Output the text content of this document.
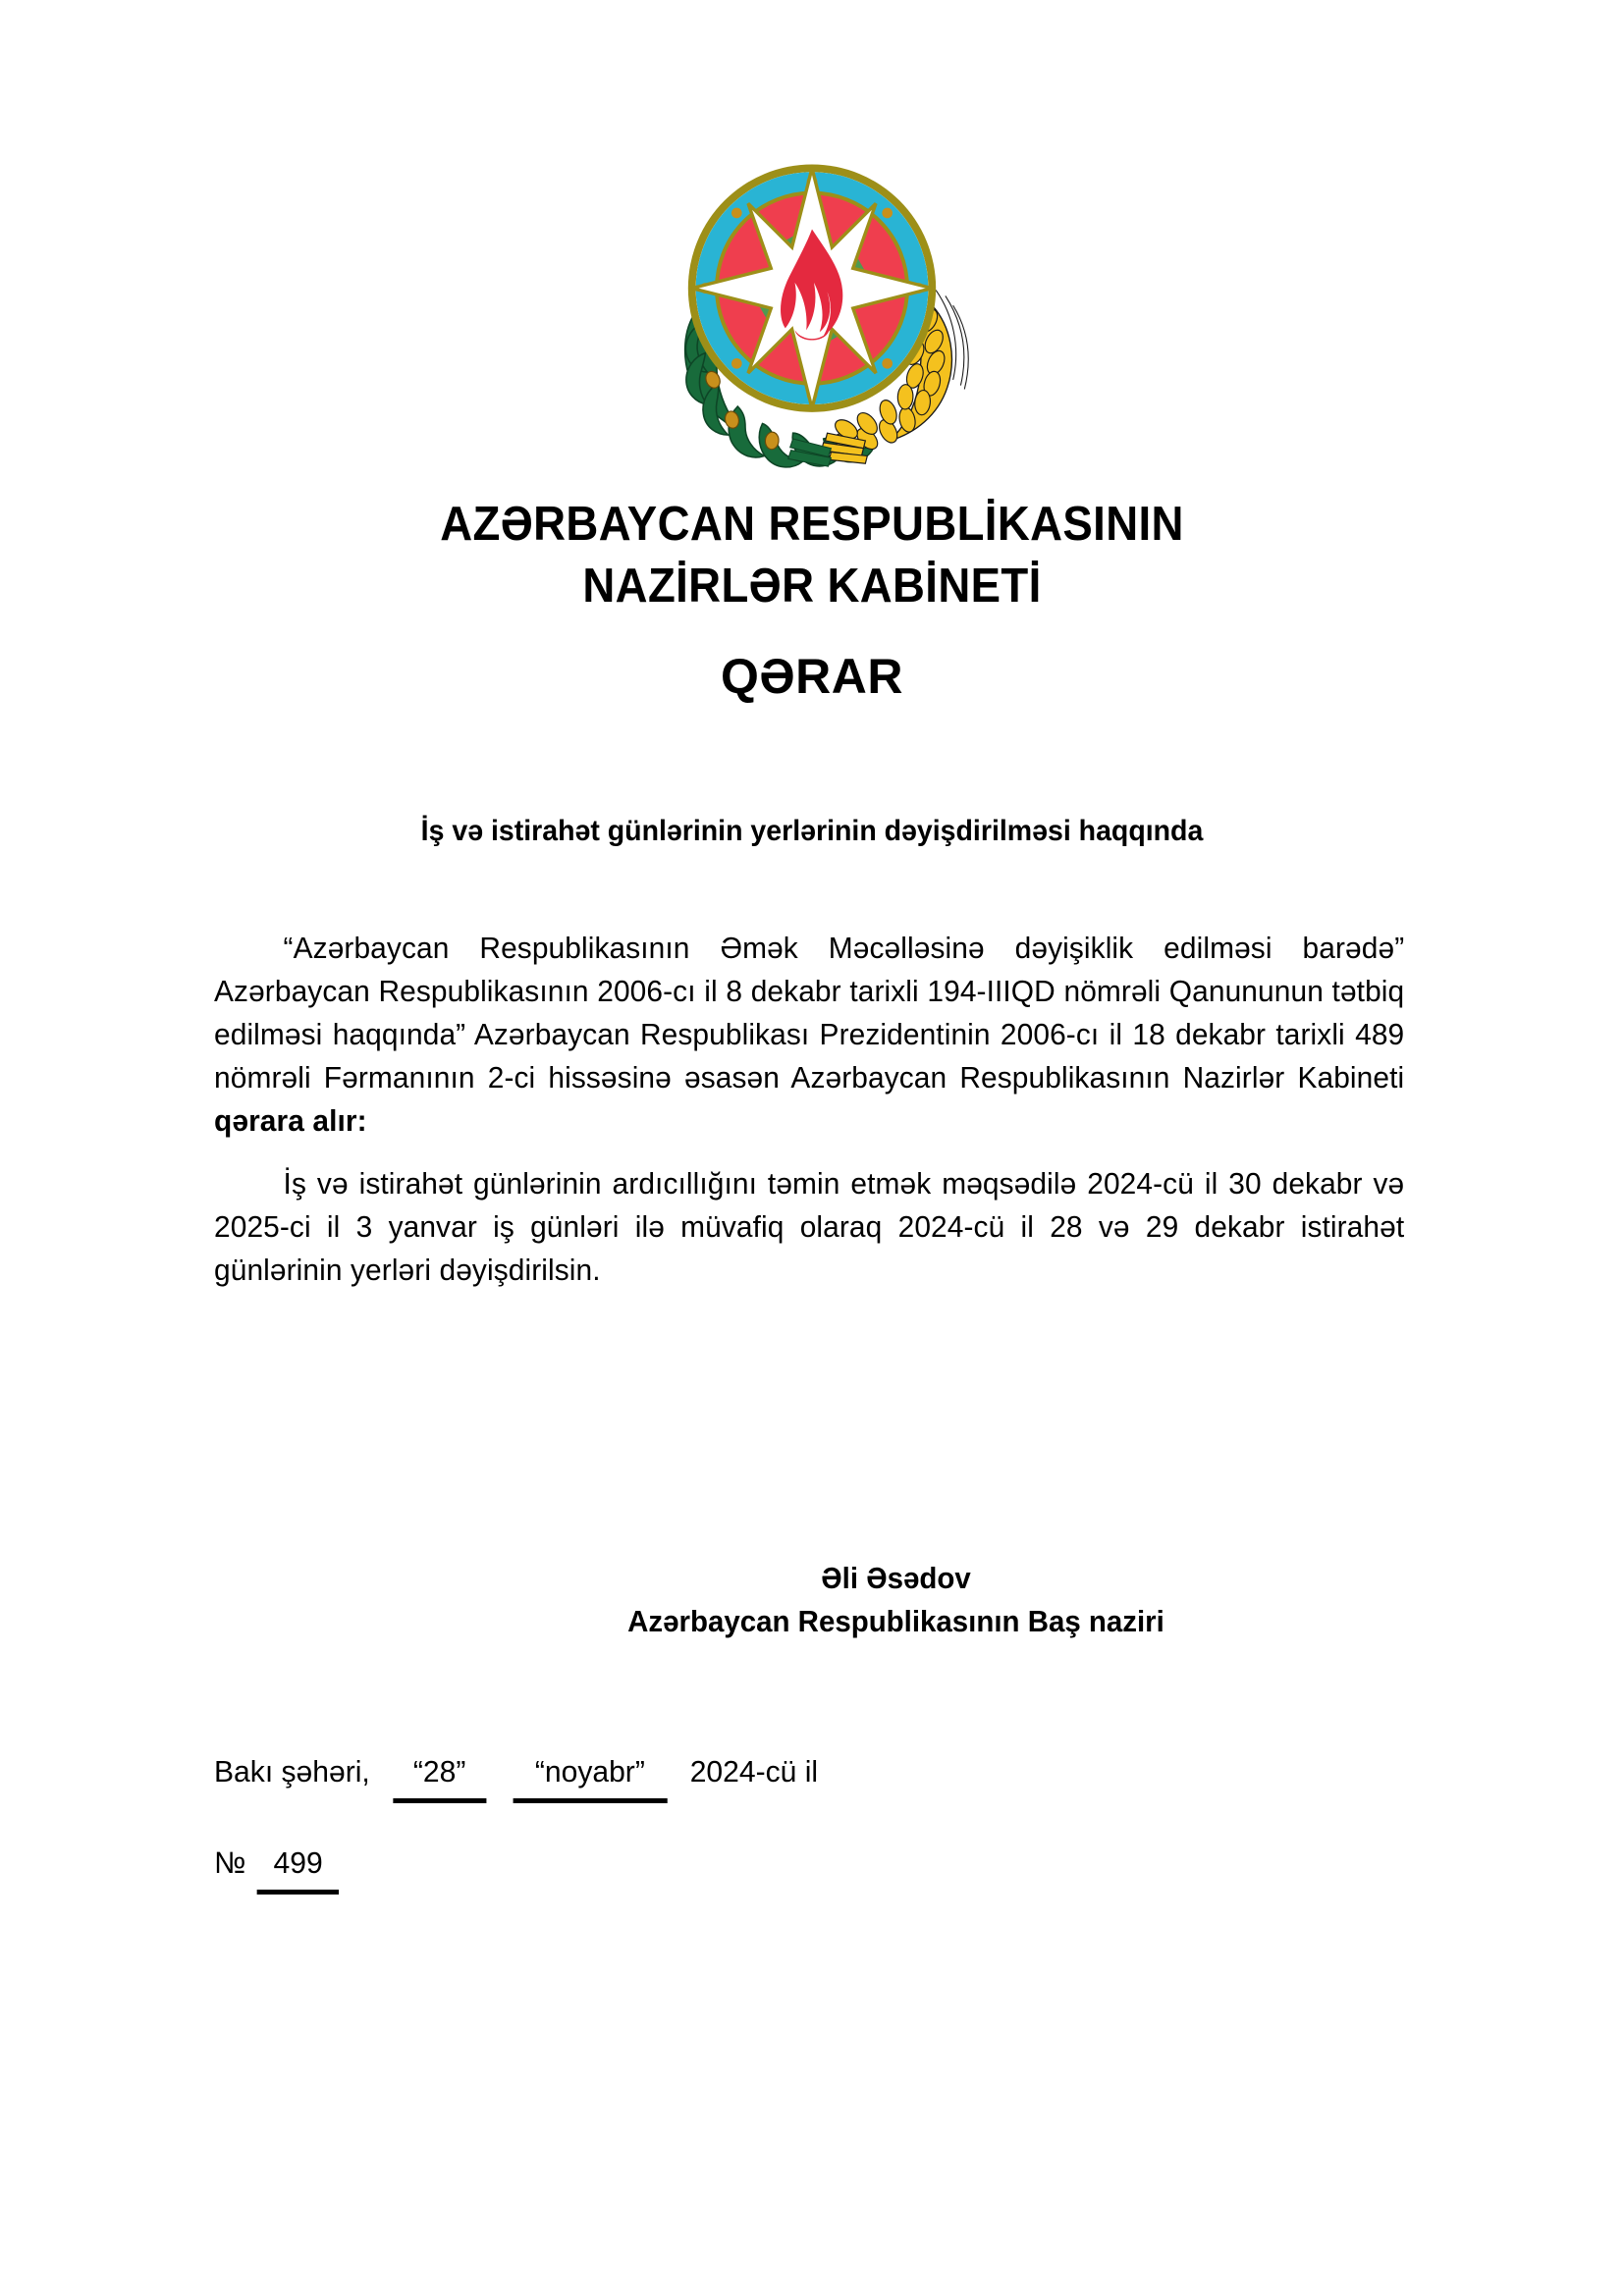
AZƏRBAYCAN RESPUBLİKASININ
NAZİRLƏR KABİNETİ
QƏRAR
İş və istirahət günlərinin yerlərinin dəyişdirilməsi haqqında

“Azərbaycan Respublikasının Əmək Məcəlləsinə dəyişiklik edilməsi barədə” Azərbaycan Respublikasının 2006-cı il 8 dekabr tarixli 194-IIIQD nömrəli Qanununun tətbiq edilməsi haqqında” Azərbaycan Respublikası Prezidentinin 2006-cı il 18 dekabr tarixli 489 nömrəli Fərmanının 2-ci hissəsinə əsasən Azərbaycan Respublikasının Nazirlər Kabineti qərara alır:

İş və istirahət günlərinin ardıcıllığını təmin etmək məqsədilə 2024-cü il 30 dekabr və 2025-ci il 3 yanvar iş günləri ilə müvafiq olaraq 2024-cü il 28 və 29 dekabr istirahət günlərinin yerləri dəyişdirilsin.

Əli Əsədov
Azərbaycan Respublikasının Baş naziri
Bakı şəhəri,	“28”	“noyabr”	2024-cü il
№ 499
